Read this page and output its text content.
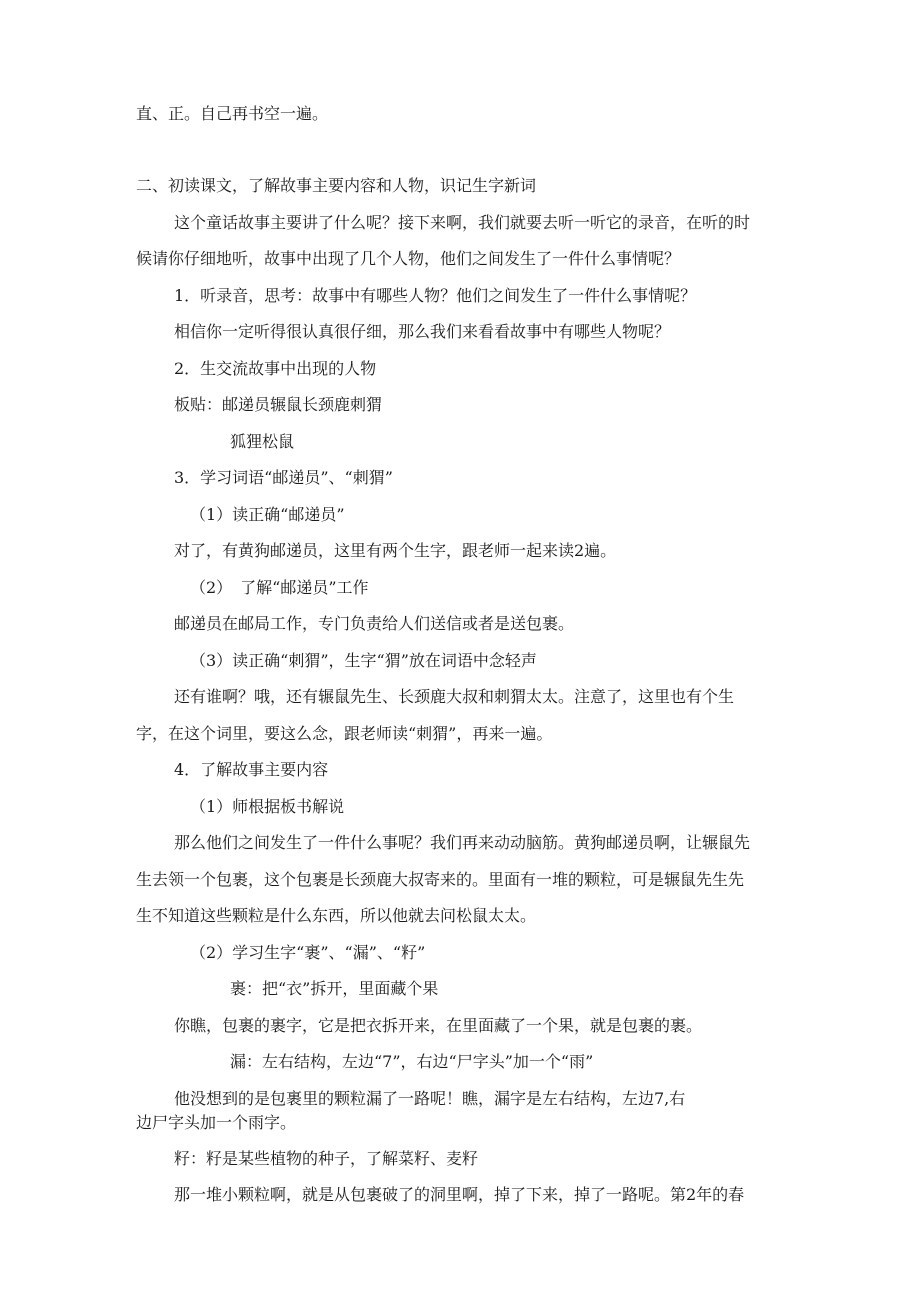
直、正。自己再书空一遍。
二、初读课文，了解故事主要内容和人物，识记生字新词
这个童话故事主要讲了什么呢？接下来啊，我们就要去听一听它的录音，在听的时
候请你仔细地听，故事中出现了几个人物，他们之间发生了一件什么事情呢？
1．听录音，思考：故事中有哪些人物？他们之间发生了一件什么事情呢？
相信你一定听得很认真很仔细，那么我们来看看故事中有哪些人物呢？
2．生交流故事中出现的人物
板贴：邮递员辗鼠长颈鹿刺猬
狐狸松鼠
3．学习词语“邮递员”、“刺猬”
（1）读正确“邮递员”
对了，有黄狗邮递员，这里有两个生字，跟老师一起来读2遍。
（2）　了解“邮递员”工作
邮递员在邮局工作，专门负责给人们送信或者是送包裹。
（3）读正确“刺猬”，生字“猬”放在词语中念轻声
还有谁啊？哦，还有辗鼠先生、长颈鹿大叔和刺猬太太。注意了，这里也有个生
字，在这个词里，要这么念，跟老师读“刺猬”，再来一遍。
4．了解故事主要内容
（1）师根据板书解说
那么他们之间发生了一件什么事呢？我们再来动动脑筋。黄狗邮递员啊，让辗鼠先
生去领一个包裹，这个包裹是长颈鹿大叔寄来的。里面有一堆的颗粒，可是辗鼠先生先
生不知道这些颗粒是什么东西，所以他就去问松鼠太太。
（2）学习生字“裹”、“漏”、“籽”
裹：把“衣”拆开，里面藏个果
你瞧，包裹的裹字，它是把衣拆开来，在里面藏了一个果，就是包裹的裹。
漏：左右结构，左边“7”，右边“尸字头”加一个“雨”
他没想到的是包裹里的颗粒漏了一路呢！瞧，漏字是左右结构，左边7,右
边尸字头加一个雨字。
籽：籽是某些植物的种子，了解菜籽、麦籽
那一堆小颗粒啊，就是从包裹破了的洞里啊，掉了下来，掉了一路呢。第2年的春
